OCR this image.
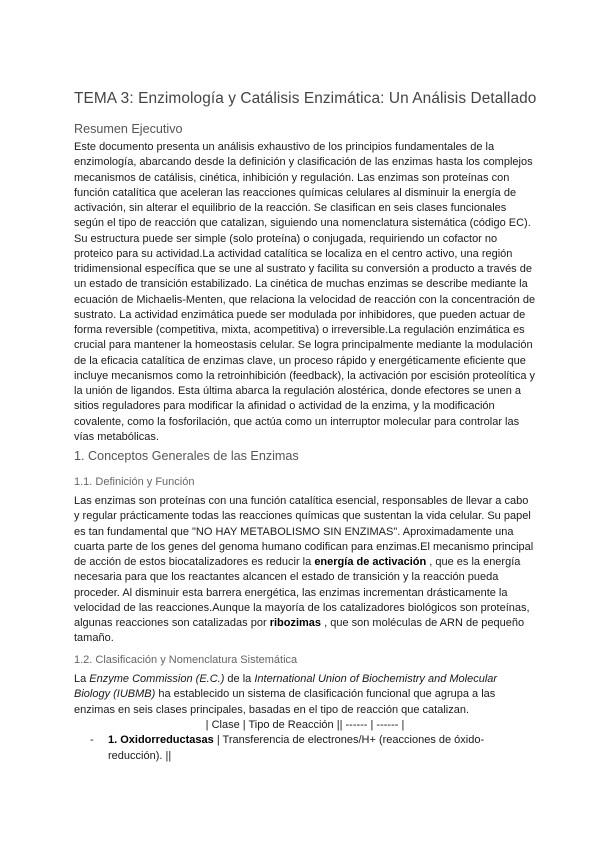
TEMA 3: Enzimología y Catálisis Enzimática: Un Análisis Detallado
Resumen Ejecutivo

Este documento presenta un análisis exhaustivo de los principios fundamentales de la enzimología, abarcando desde la definición y clasificación de las enzimas hasta los complejos mecanismos de catálisis, cinética, inhibición y regulación. Las enzimas son proteínas con función catalítica que aceleran las reacciones químicas celulares al disminuir la energía de activación, sin alterar el equilibrio de la reacción. Se clasifican en seis clases funcionales según el tipo de reacción que catalizan, siguiendo una nomenclatura sistemática (código EC). Su estructura puede ser simple (solo proteína) o conjugada, requiriendo un cofactor no proteico para su actividad.La actividad catalítica se localiza en el centro activo, una región tridimensional específica que se une al sustrato y facilita su conversión a producto a través de un estado de transición estabilizado. La cinética de muchas enzimas se describe mediante la ecuación de Michaelis-Menten, que relaciona la velocidad de reacción con la concentración de sustrato. La actividad enzimática puede ser modulada por inhibidores, que pueden actuar de forma reversible (competitiva, mixta, acompetitiva) o irreversible.La regulación enzimática es crucial para mantener la homeostasis celular. Se logra principalmente mediante la modulación de la eficacia catalítica de enzimas clave, un proceso rápido y energéticamente eficiente que incluye mecanismos como la retroinhibición (feedback), la activación por escisión proteolítica y la unión de ligandos. Esta última abarca la regulación alostérica, donde efectores se unen a sitios reguladores para modificar la afinidad o actividad de la enzima, y la modificación covalente, como la fosforilación, que actúa como un interruptor molecular para controlar las vías metabólicas.

1. Conceptos Generales de las Enzimas
1.1. Definición y Función

Las enzimas son proteínas con una función catalítica esencial, responsables de llevar a cabo y regular prácticamente todas las reacciones químicas que sustentan la vida celular. Su papel es tan fundamental que "NO HAY METABOLISMO SIN ENZIMAS". Aproximadamente una cuarta parte de los genes del genoma humano codifican para enzimas.El mecanismo principal de acción de estos biocatalizadores es reducir la energía de activación , que es la energía necesaria para que los reactantes alcancen el estado de transición y la reacción pueda proceder. Al disminuir esta barrera energética, las enzimas incrementan drásticamente la velocidad de las reacciones.Aunque la mayoría de los catalizadores biológicos son proteínas, algunas reacciones son catalizadas por ribozimas , que son moléculas de ARN de pequeño tamaño.

1.2. Clasificación y Nomenclatura Sistemática

La Enzyme Commission (E.C.) de la International Union of Biochemistry and Molecular Biology (IUBMB) ha establecido un sistema de clasificación funcional que agrupa a las enzimas en seis clases principales, basadas en el tipo de reacción que catalizan.

| Clase | Tipo de Reacción || ------ | ------ |
-	1. Oxidorreductasas | Transferencia de electrones/H+ (reacciones de óxido-reducción). ||
